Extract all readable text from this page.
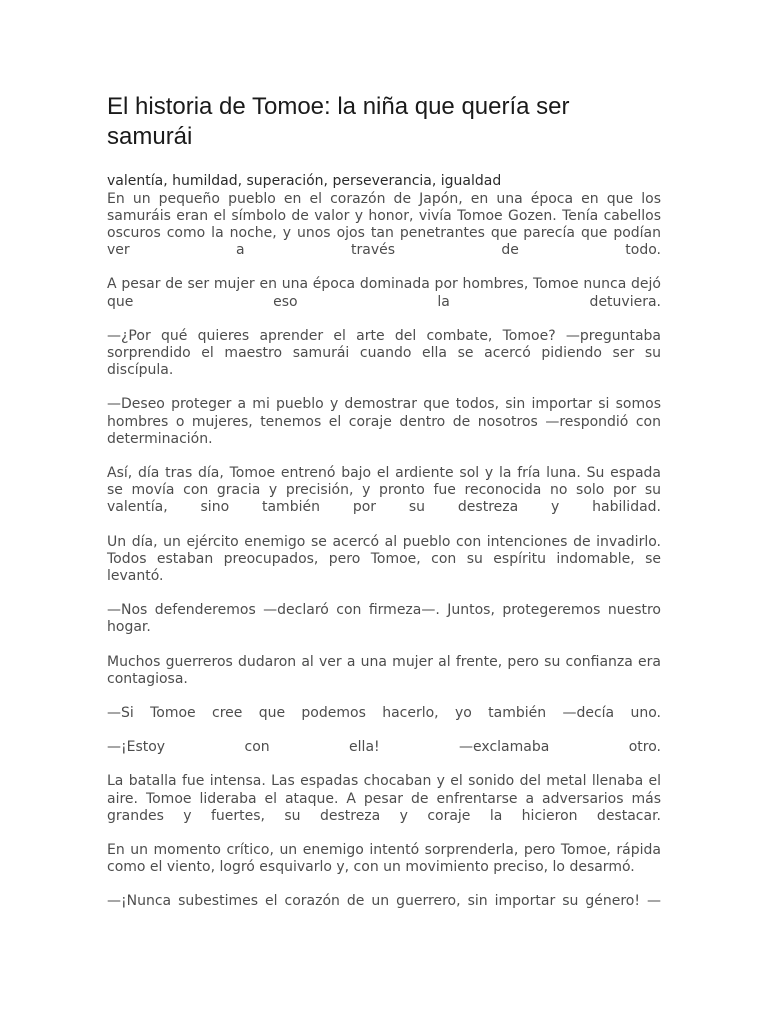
El historia de Tomoe: la niña que quería ser samurái

valentía, humildad, superación, perseverancia, igualdad

En un pequeño pueblo en el corazón de Japón, en una época en que los samuráis eran el símbolo de valor y honor, vivía Tomoe Gozen. Tenía cabellos oscuros como la noche, y unos ojos tan penetrantes que parecía que podían ver a través de todo.

A pesar de ser mujer en una época dominada por hombres, Tomoe nunca dejó que eso la detuviera.

—¿Por qué quieres aprender el arte del combate, Tomoe? —preguntaba sorprendido el maestro samurái cuando ella se acercó pidiendo ser su discípula.

—Deseo proteger a mi pueblo y demostrar que todos, sin importar si somos hombres o mujeres, tenemos el coraje dentro de nosotros —respondió con determinación.

Así, día tras día, Tomoe entrenó bajo el ardiente sol y la fría luna. Su espada se movía con gracia y precisión, y pronto fue reconocida no solo por su valentía, sino también por su destreza y habilidad.

Un día, un ejército enemigo se acercó al pueblo con intenciones de invadirlo. Todos estaban preocupados, pero Tomoe, con su espíritu indomable, se levantó.

—Nos defenderemos —declaró con firmeza—. Juntos, protegeremos nuestro hogar.

Muchos guerreros dudaron al ver a una mujer al frente, pero su confianza era contagiosa.

—Si Tomoe cree que podemos hacerlo, yo también —decía uno.

—¡Estoy con ella! —exclamaba otro.

La batalla fue intensa. Las espadas chocaban y el sonido del metal llenaba el aire. Tomoe lideraba el ataque. A pesar de enfrentarse a adversarios más grandes y fuertes, su destreza y coraje la hicieron destacar.

En un momento crítico, un enemigo intentó sorprenderla, pero Tomoe, rápida como el viento, logró esquivarlo y, con un movimiento preciso, lo desarmó.

—¡Nunca subestimes el corazón de un guerrero, sin importar su género! —
